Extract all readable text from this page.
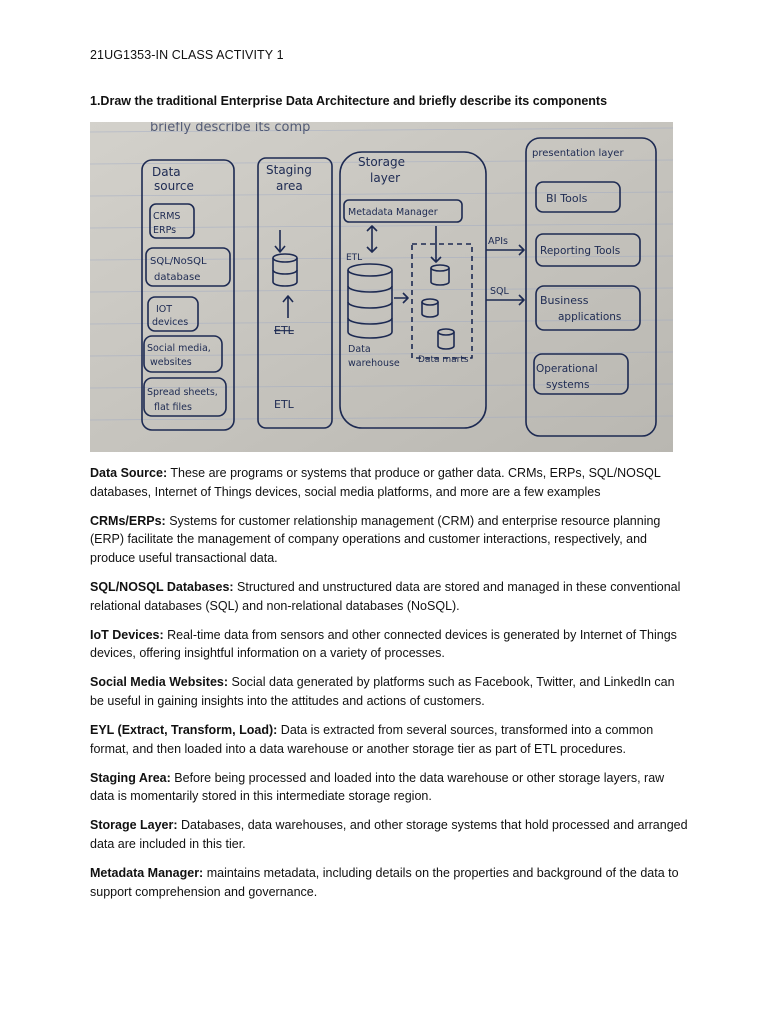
21UG1353-IN CLASS ACTIVITY 1
1.Draw the traditional Enterprise Data Architecture and briefly describe its components
briefly describe its comp
Data
source
CRMS
ERPs
SQL/NoSQL
database
IOT
devices
Social media,
websites
Spread sheets,
flat files
Staging
area
ETL
ETL
Storage
layer
Metadata Manager
ETL
Data
warehouse Data marts
APIs
SQL
presentation layer
BI Tools
Reporting Tools
Business
applications
Operational
systems

Data Source: These are programs or systems that produce or gather data. CRMs, ERPs, SQL/NOSQL databases, Internet of Things devices, social media platforms, and more are a few examples

CRMs/ERPs: Systems for customer relationship management (CRM) and enterprise resource planning (ERP) facilitate the management of company operations and customer interactions, respectively, and produce useful transactional data.

SQL/NOSQL Databases: Structured and unstructured data are stored and managed in these conventional relational databases (SQL) and non-relational databases (NoSQL).

IoT Devices: Real-time data from sensors and other connected devices is generated by Internet of Things devices, offering insightful information on a variety of processes.

Social Media Websites: Social data generated by platforms such as Facebook, Twitter, and LinkedIn can be useful in gaining insights into the attitudes and actions of customers.

EYL (Extract, Transform, Load): Data is extracted from several sources, transformed into a common format, and then loaded into a data warehouse or another storage tier as part of ETL procedures.

Staging Area: Before being processed and loaded into the data warehouse or other storage layers, raw data is momentarily stored in this intermediate storage region.

Storage Layer: Databases, data warehouses, and other storage systems that hold processed and arranged data are included in this tier.

Metadata Manager: maintains metadata, including details on the properties and background of the data to support comprehension and governance.
